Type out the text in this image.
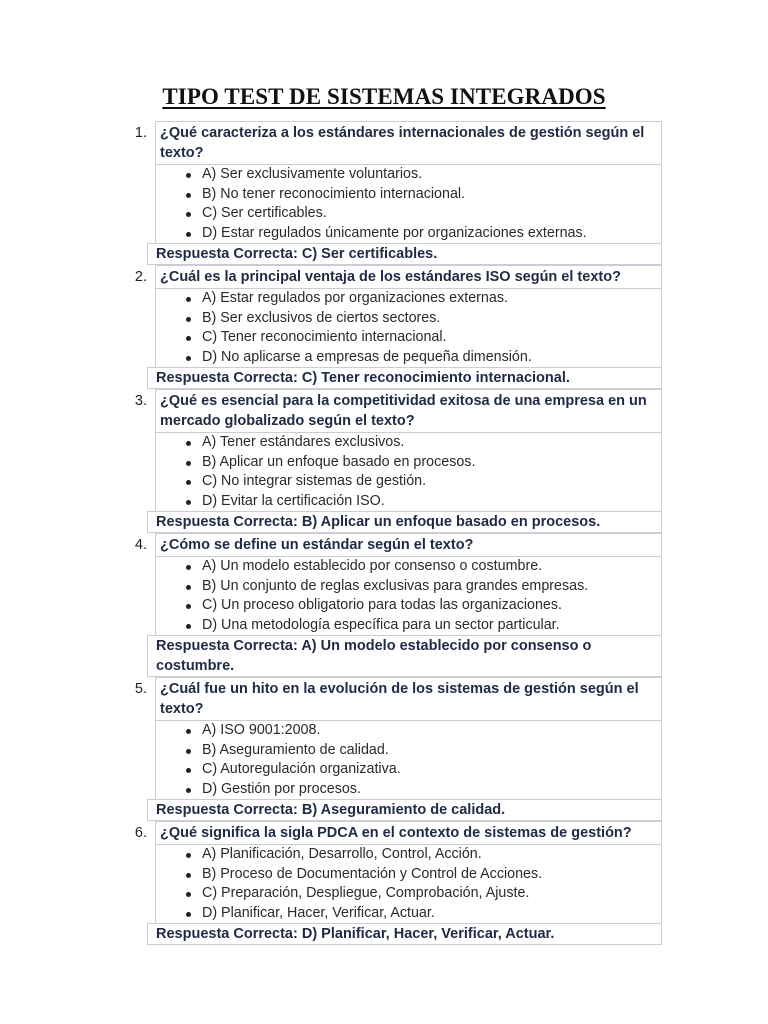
TIPO TEST DE SISTEMAS INTEGRADOS
1. ¿Qué caracteriza a los estándares internacionales de gestión según el texto?
A) Ser exclusivamente voluntarios.
B) No tener reconocimiento internacional.
C) Ser certificables.
D) Estar regulados únicamente por organizaciones externas.
Respuesta Correcta: C) Ser certificables.
2. ¿Cuál es la principal ventaja de los estándares ISO según el texto?
A) Estar regulados por organizaciones externas.
B) Ser exclusivos de ciertos sectores.
C) Tener reconocimiento internacional.
D) No aplicarse a empresas de pequeña dimensión.
Respuesta Correcta: C) Tener reconocimiento internacional.
3. ¿Qué es esencial para la competitividad exitosa de una empresa en un mercado globalizado según el texto?
A) Tener estándares exclusivos.
B) Aplicar un enfoque basado en procesos.
C) No integrar sistemas de gestión.
D) Evitar la certificación ISO.
Respuesta Correcta: B) Aplicar un enfoque basado en procesos.
4. ¿Cómo se define un estándar según el texto?
A) Un modelo establecido por consenso o costumbre.
B) Un conjunto de reglas exclusivas para grandes empresas.
C) Un proceso obligatorio para todas las organizaciones.
D) Una metodología específica para un sector particular.
Respuesta Correcta: A) Un modelo establecido por consenso o costumbre.
5. ¿Cuál fue un hito en la evolución de los sistemas de gestión según el texto?
A) ISO 9001:2008.
B) Aseguramiento de calidad.
C) Autoregulación organizativa.
D) Gestión por procesos.
Respuesta Correcta: B) Aseguramiento de calidad.
6. ¿Qué significa la sigla PDCA en el contexto de sistemas de gestión?
A) Planificación, Desarrollo, Control, Acción.
B) Proceso de Documentación y Control de Acciones.
C) Preparación, Despliegue, Comprobación, Ajuste.
D) Planificar, Hacer, Verificar, Actuar.
Respuesta Correcta: D) Planificar, Hacer, Verificar, Actuar.
